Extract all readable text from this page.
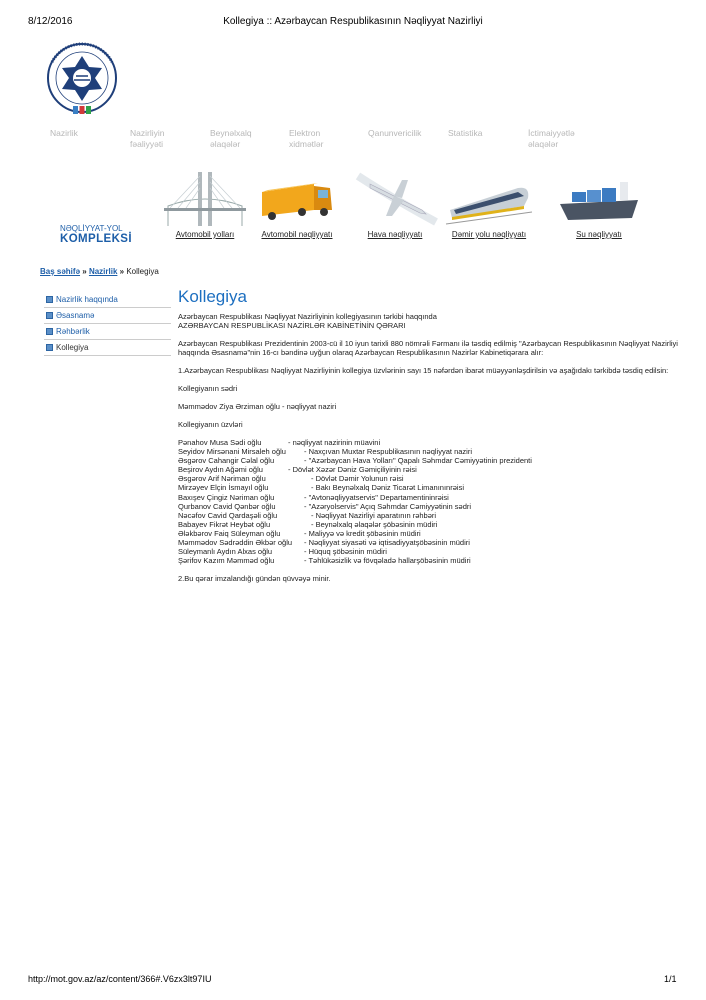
8/12/2016	Kollegiya :: Azərbaycan Respublikasının Nəqliyyat Nazirliyi
Nazirlik	Nazirliyin
fəaliyyəti
Beynəlxalq
əlaqələr
Elektron
xidmətlər
Qanunvericilik	Statistika	İctimaiyyətlə
əlaqələr
NƏQLİYYAT-YOL
KOMPLEKSİ	Avtomobil yolları	Avtomobil nəqliyyatı	Hava nəqliyyatı	Dəmir yolu nəqliyyatı	Su nəqliyyatı
Baş səhifə » Nazirlik » Kollegiya
Nazirlik haqqında
Əsasnamə
Rəhbərlik
Kollegiya
Kollegiya

Azərbaycan Respublikası Nəqliyyat Nazirliyinin kollegiyasının tərkibi haqqında

AZƏRBAYCAN RESPUBLİKASI NAZİRLƏR KABİNETİNİN QƏRARI

Azərbaycan Respublikası Prezidentinin 2003-cü il 10 iyun tarixli 880 nömrəli Fərmanı ilə təsdiq edilmiş "Azərbaycan Respublikasının Nəqliyyat Nazirliyi haqqında Əsasnamə"nin 16-cı bəndinə uyğun olaraq Azərbaycan Respublikasının Nazirlər Kabinetiqərara alır:

1.Azərbaycan Respublikası Nəqliyyat Nazirliyinin kollegiya üzvlərinin sayı 15 nəfərdən ibarət müəyyənləşdirilsin və aşağıdakı tərkibdə təsdiq edilsin:

Kollegiyanın sədri

Məmmədov Ziya Ərziman oğlu - nəqliyyat naziri

Kollegiyanın üzvləri

Pənahov Musa Sədi oğlu	- nəqliyyat nazirinin müavini
Seyidov Mirsənani Mirsaleh oğlu - Naxçıvan Muxtar Respublikasının nəqliyyat naziri
Əsgərov Cahangir Cəlal oğlu	- "Azərbaycan Hava Yolları" Qapalı Səhmdar Cəmiyyətinin prezidenti
Beşirov Aydın Ağəmi oğlu	- Dövlət Xəzər Dəniz Gəmiçiliyinin rəisi
Əsgərov Arif Nəriman oğlu	- Dövlət Dəmir Yolunun rəisi
Mirzəyev Elçin İsmayıl oğlu	- Bakı Beynəlxalq Dəniz Ticarət Limanınınrəisi
Baxışev Çingiz Nəriman oğlu	- "Avtonəqliyyatservis" Departamentininrəisi
Qurbanov Cavid Qənbər oğlu	- "Azəryolservis" Açıq Səhmdar Cəmiyyətinin sədri
Nəcəfov Cavid Qardaşəli oğlu	- Nəqliyyat Nazirliyi aparatının rəhbəri
Babayev Fikrət Heybət oğlu	- Beynəlxalq əlaqələr şöbəsinin müdiri
Ələkbərov Faiq Süleyman oğlu	- Maliyyə və kredit şöbəsinin müdiri
Məmmədov Sədrəddin Əkbər oğlu - Nəqliyyat siyasəti və iqtisadiyyatşöbəsinin müdiri
Süleymanlı Aydın Alxas oğlu	- Hüquq şöbəsinin müdiri
Şərifov Kazım Məmməd oğlu	- Təhlükəsizlik və fövqəladə hallarşöbəsinin müdiri

2.Bu qərar imzalandığı gündən qüvvəyə minir.

http://mot.gov.az/az/content/366#.V6zx3lt97IU	1/1
